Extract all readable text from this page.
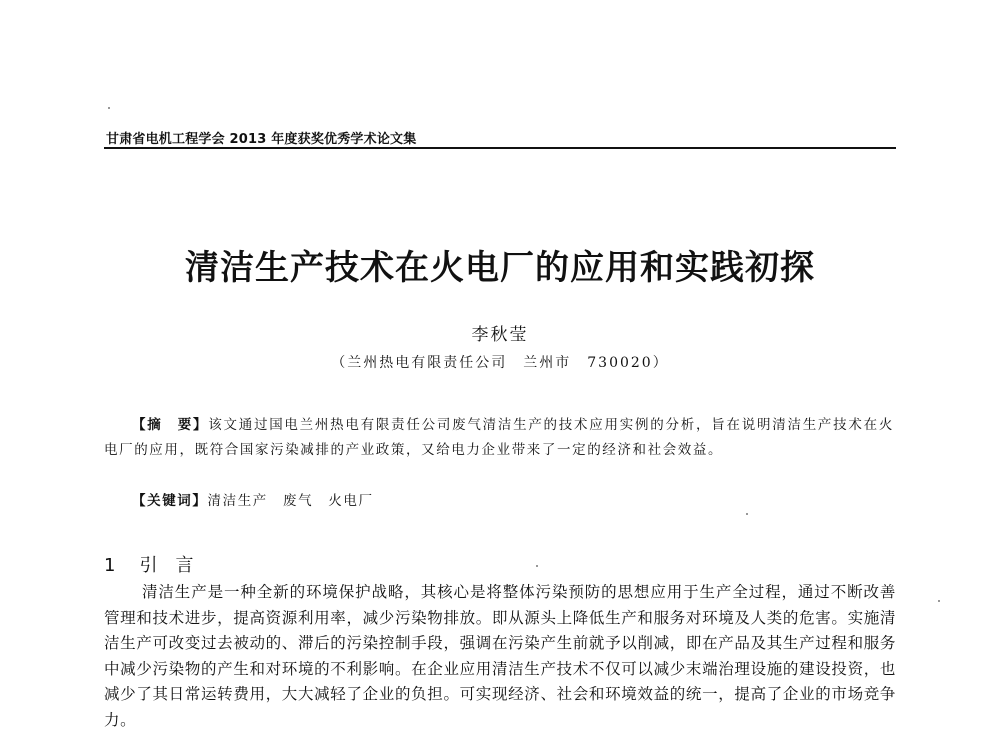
甘肃省电机工程学会 2013 年度获奖优秀学术论文集
清洁生产技术在火电厂的应用和实践初探
李秋莹
（兰州热电有限责任公司　兰州市　730020）
【摘　要】该文通过国电兰州热电有限责任公司废气清洁生产的技术应用实例的分析，旨在说明清洁生产技术在火电厂的应用，既符合国家污染减排的产业政策，又给电力企业带来了一定的经济和社会效益。
【关键词】清洁生产　废气　火电厂
1 引言
清洁生产是一种全新的环境保护战略，其核心是将整体污染预防的思想应用于生产全过程，通过不断改善管理和技术进步，提高资源利用率，减少污染物排放。即从源头上降低生产和服务对环境及人类的危害。实施清洁生产可改变过去被动的、滞后的污染控制手段，强调在污染产生前就予以削减，即在产品及其生产过程和服务中减少污染物的产生和对环境的不利影响。在企业应用清洁生产技术不仅可以减少末端治理设施的建设投资，也减少了其日常运转费用，大大减轻了企业的负担。可实现经济、社会和环境效益的统一，提高了企业的市场竞争力。
